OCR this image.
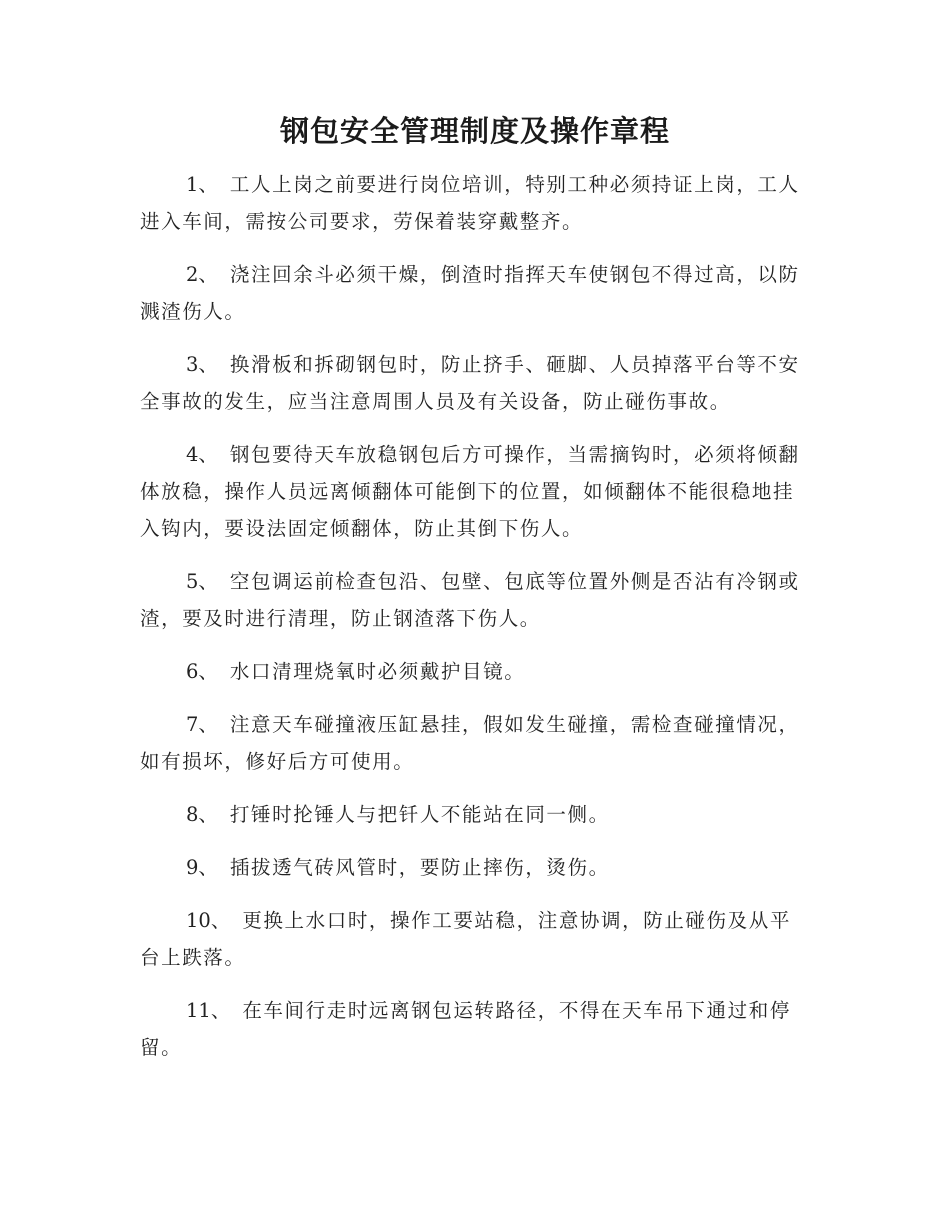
钢包安全管理制度及操作章程

1、 工人上岗之前要进行岗位培训，特别工种必须持证上岗，工人进入车间，需按公司要求，劳保着装穿戴整齐。

2、 浇注回余斗必须干燥，倒渣时指挥天车使钢包不得过高，以防溅渣伤人。

3、 换滑板和拆砌钢包时，防止挤手、砸脚、人员掉落平台等不安全事故的发生，应当注意周围人员及有关设备，防止碰伤事故。

4、 钢包要待天车放稳钢包后方可操作，当需摘钩时，必须将倾翻体放稳，操作人员远离倾翻体可能倒下的位置，如倾翻体不能很稳地挂入钩内，要设法固定倾翻体，防止其倒下伤人。

5、 空包调运前检查包沿、包壁、包底等位置外侧是否沾有冷钢或渣，要及时进行清理，防止钢渣落下伤人。

6、 水口清理烧氧时必须戴护目镜。

7、 注意天车碰撞液压缸悬挂，假如发生碰撞，需检查碰撞情况，如有损坏，修好后方可使用。

8、 打锤时抡锤人与把钎人不能站在同一侧。

9、 插拔透气砖风管时，要防止摔伤，烫伤。

10、 更换上水口时，操作工要站稳，注意协调，防止碰伤及从平台上跌落。

11、 在车间行走时远离钢包运转路径，不得在天车吊下通过和停留。
